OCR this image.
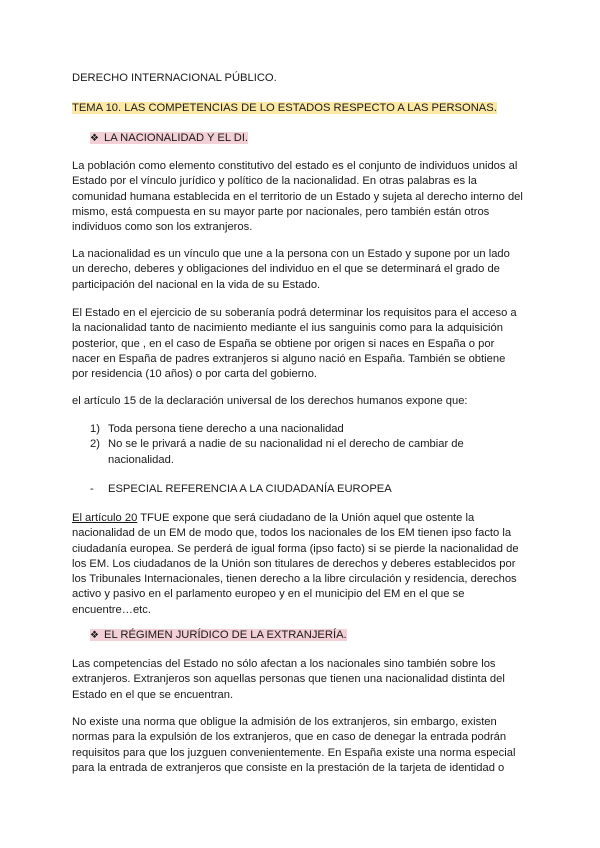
DERECHO INTERNACIONAL PÚBLICO.
TEMA 10. LAS COMPETENCIAS DE LO ESTADOS RESPECTO A LAS PERSONAS.
❖ LA NACIONALIDAD Y EL DI.
La población como elemento constitutivo del estado es el conjunto de individuos unidos al Estado por el vínculo jurídico y político de la nacionalidad. En otras palabras es la comunidad humana establecida en el territorio de un Estado y sujeta al derecho interno del mismo, está compuesta en su mayor parte por nacionales, pero también están otros individuos como son los extranjeros.
La nacionalidad es un vínculo que une a la persona con un Estado y supone por un lado un derecho, deberes y obligaciones del individuo en el que se determinará el grado de participación del nacional en la vida de su Estado.
El Estado en el ejercicio de su soberanía podrá determinar los requisitos para el acceso a la nacionalidad tanto de nacimiento mediante el ius sanguinis como para la adquisición posterior, que , en el caso de España se obtiene por origen si naces en España o por nacer en España de padres extranjeros si alguno nació en España. También se obtiene por residencia (10 años) o por carta del gobierno.
el artículo 15 de la declaración universal de los derechos humanos expone que:
1) Toda persona tiene derecho a una nacionalidad
2) No se le privará a nadie de su nacionalidad ni el derecho de cambiar de nacionalidad.
- ESPECIAL REFERENCIA A LA CIUDADANÍA EUROPEA
El artículo 20 TFUE expone que será ciudadano de la Unión aquel que ostente la nacionalidad de un EM de modo que, todos los nacionales de los EM tienen ipso facto la ciudadanía europea. Se perderá de igual forma (ipso facto) si se pierde la nacionalidad de los EM. Los ciudadanos de la Unión son titulares de derechos y deberes establecidos por los Tribunales Internacionales, tienen derecho a la libre circulación y residencia, derechos activo y pasivo en el parlamento europeo y en el municipio del EM en el que se encuentre…etc.
❖ EL RÉGIMEN JURÍDICO DE LA EXTRANJERÍA.
Las competencias del Estado no sólo afectan a los nacionales sino también sobre los extranjeros. Extranjeros son aquellas personas que tienen una nacionalidad distinta del Estado en el que se encuentran.
No existe una norma que obligue la admisión de los extranjeros, sin embargo, existen normas para la expulsión de los extranjeros, que en caso de denegar la entrada podrán requisitos para que los juzguen convenientemente. En España existe una norma especial para la entrada de extranjeros que consiste en la prestación de la tarjeta de identidad o
